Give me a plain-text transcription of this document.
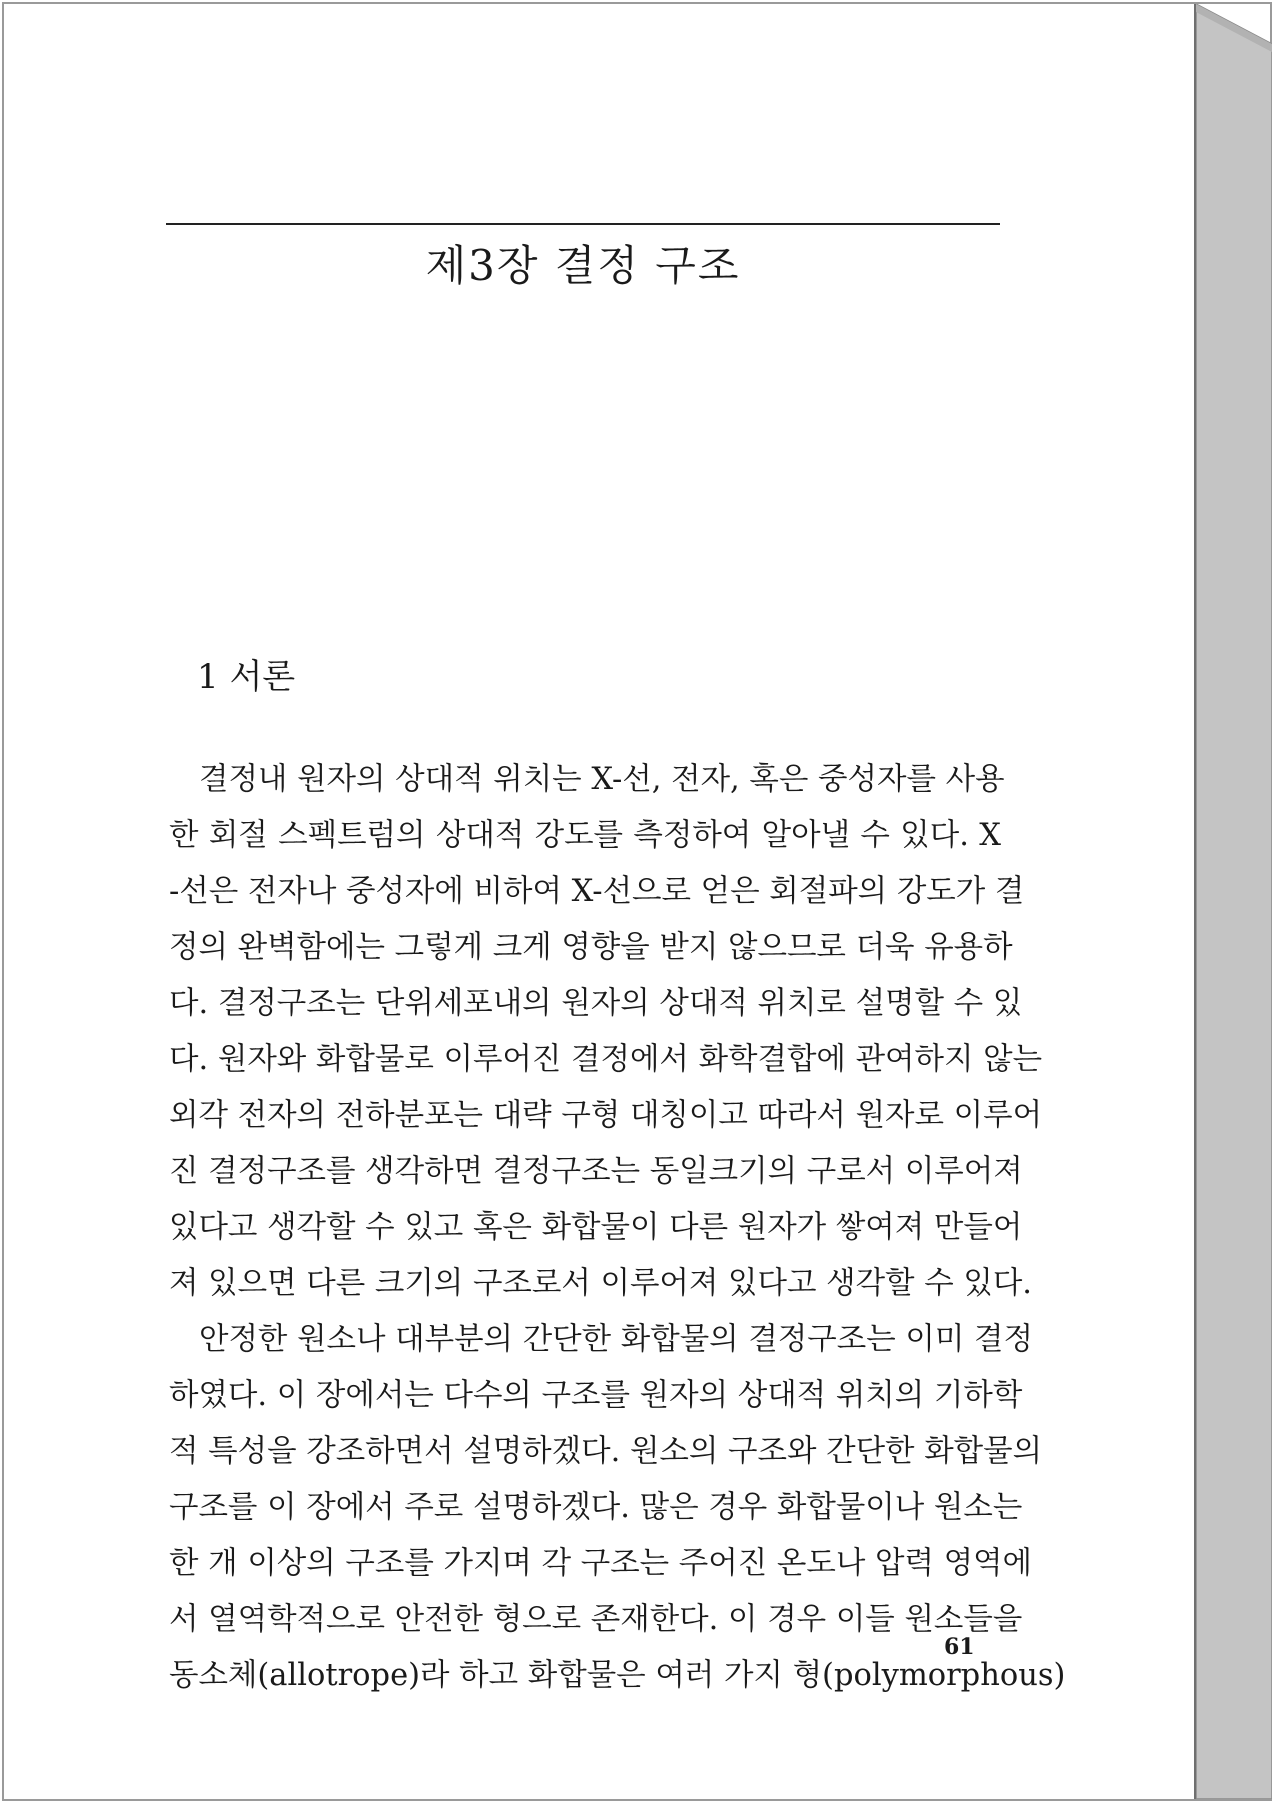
제3장 결정 구조
1 서론

결정내 원자의 상대적 위치는 X-선, 전자, 혹은 중성자를 사용
한 회절 스펙트럼의 상대적 강도를 측정하여 알아낼 수 있다. X
-선은 전자나 중성자에 비하여 X-선으로 얻은 회절파의 강도가 결
정의 완벽함에는 그렇게 크게 영향을 받지 않으므로 더욱 유용하
다. 결정구조는 단위세포내의 원자의 상대적 위치로 설명할 수 있
다. 원자와 화합물로 이루어진 결정에서 화학결합에 관여하지 않는
외각 전자의 전하분포는 대략 구형 대칭이고 따라서 원자로 이루어
진 결정구조를 생각하면 결정구조는 동일크기의 구로서 이루어져
있다고 생각할 수 있고 혹은 화합물이 다른 원자가 쌓여져 만들어
져 있으면 다른 크기의 구조로서 이루어져 있다고 생각할 수 있다.

안정한 원소나 대부분의 간단한 화합물의 결정구조는 이미 결정
하였다. 이 장에서는 다수의 구조를 원자의 상대적 위치의 기하학
적 특성을 강조하면서 설명하겠다. 원소의 구조와 간단한 화합물의
구조를 이 장에서 주로 설명하겠다. 많은 경우 화합물이나 원소는
한 개 이상의 구조를 가지며 각 구조는 주어진 온도나 압력 영역에
서 열역학적으로 안전한 형으로 존재한다. 이 경우 이들 원소들을
동소체(allotrope)라 하고 화합물은 여러 가지 형(polymorphous)

61
